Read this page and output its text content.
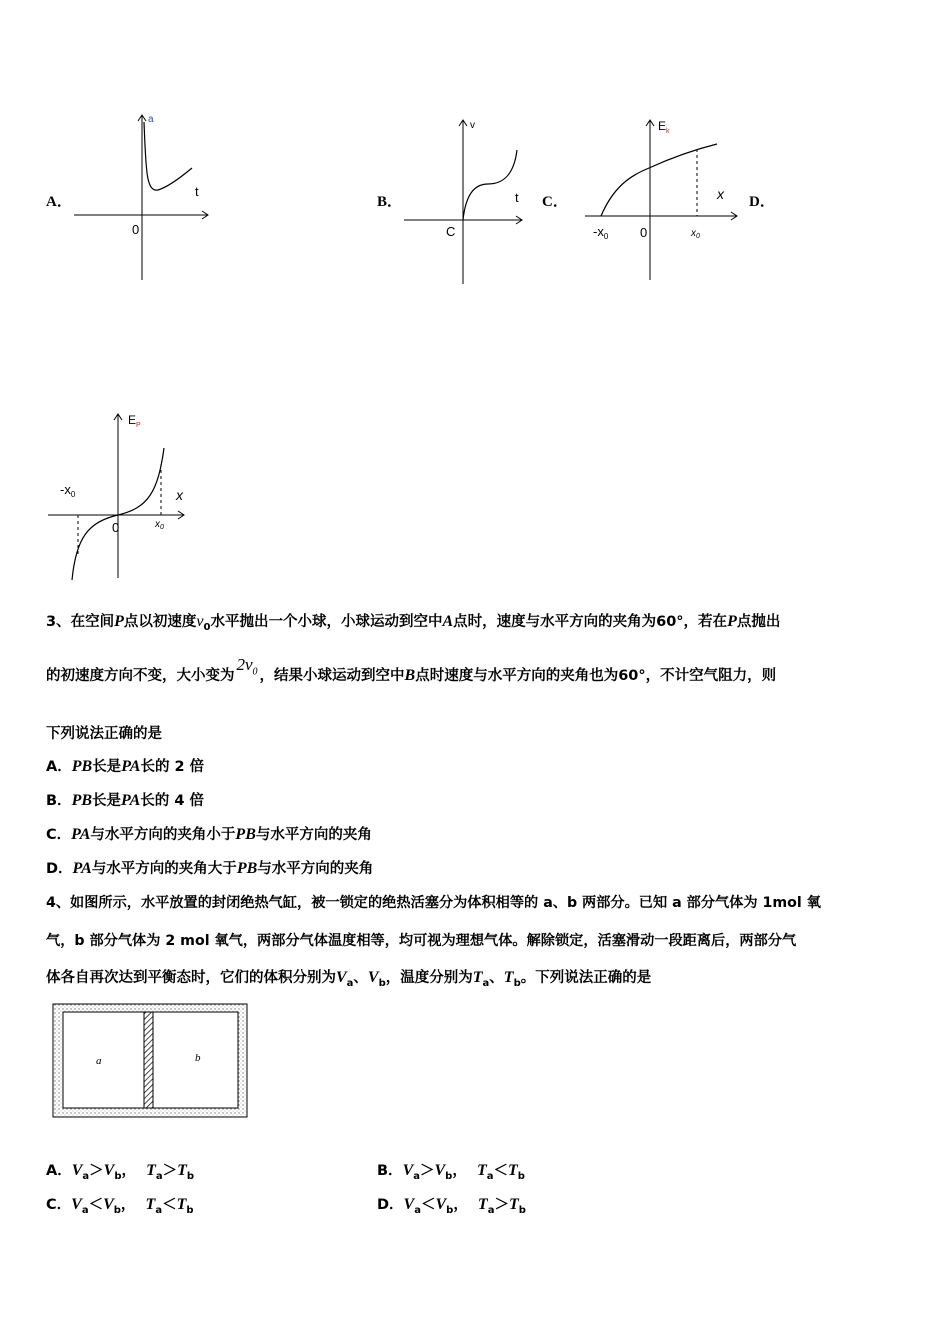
A．	B．	C．	D．
a
t
0
v
t
C
$E_k$
x
0
$-x_0$	$x_0$
$E_P$
x
0
$-x_0$
$x_0$
3、在空间P点以初速度$v_0$水平抛出一个小球，小球运动到空中A点时，速度与水平方向的夹角为60°，若在P点抛出
的初速度方向不变，大小变为$2v_0$ ，结果小球运动到空中B点时速度与水平方向的夹角也为60°，不计空气阻力，则
下列说法正确的是
A．PB长是PA长的 2 倍
B．PB长是PA长的 4 倍
C．PA与水平方向的夹角小于PB与水平方向的夹角
D．PA与水平方向的夹角大于PB与水平方向的夹角
4、如图所示，水平放置的封闭绝热气缸，被一锁定的绝热活塞分为体积相等的 a、b 两部分。已知 a 部分气体为 1mol 氧
气，b 部分气体为 2 mol 氧气，两部分气体温度相等，均可视为理想气体。解除锁定，活塞滑动一段距离后，两部分气
体各自再次达到平衡态时，它们的体积分别为$V_a$、$V_b$，温度分别为$T_a$、$T_b$。下列说法正确的是
a	b
A．$V_a>V_b$， $T_a>T_b$	B．$V_a>V_b$， $T_a<T_b$
C．$V_a<V_b$， $T_a<T_b$	D．$V_a<V_b$， $T_a>T_b$
